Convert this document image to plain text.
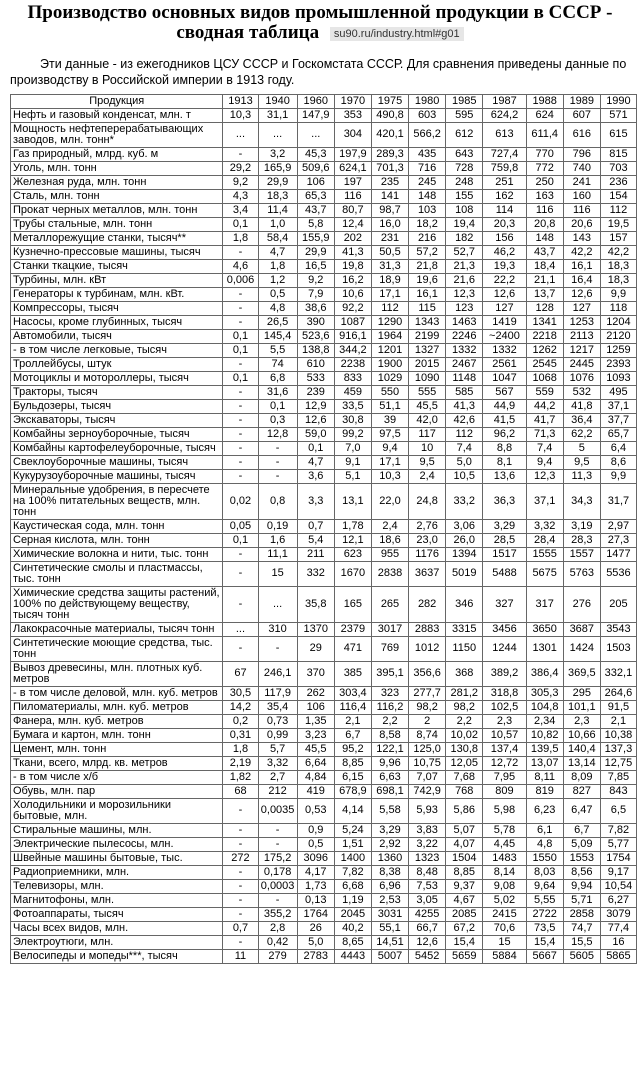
Производство основных видов промышленной продукции в СССР - сводная таблица su90.ru/industry.html#g01
Эти данные - из ежегодников ЦСУ СССР и Госкомстата СССР. Для сравнения приведены данные по производству в Российской империи в 1913 году.
Продукция	1913	1940	1960	1970	1975	1980	1985	1987	1988	1989	1990
Нефть и газовый конденсат, млн. т	10,3	31,1	147,9	353	490,8	603	595	624,2	624	607	571
Мощность нефтеперерабатывающих заводов, млн. тонн*	...	...	...	304	420,1	566,2	612	613	611,4	616	615
Газ природный, млрд. куб. м	-	3,2	45,3	197,9	289,3	435	643	727,4	770	796	815
Уголь, млн. тонн	29,2	165,9	509,6	624,1	701,3	716	728	759,8	772	740	703
Железная руда, млн. тонн	9,2	29,9	106	197	235	245	248	251	250	241	236
Сталь, млн. тонн	4,3	18,3	65,3	116	141	148	155	162	163	160	154
Прокат черных металлов, млн. тонн	3,4	11,4	43,7	80,7	98,7	103	108	114	116	116	112
Трубы стальные, млн. тонн	0,1	1,0	5,8	12,4	16,0	18,2	19,4	20,3	20,8	20,6	19,5
Металлорежущие станки, тысяч**	1,8	58,4	155,9	202	231	216	182	156	148	143	157
Кузнечно-прессовые машины, тысяч	-	4,7	29,9	41,3	50,5	57,2	52,7	46,2	43,7	42,2	42,2
Станки ткацкие, тысяч	4,6	1,8	16,5	19,8	31,3	21,8	21,3	19,3	18,4	16,1	18,3
Турбины, млн. кВт	0,006	1,2	9,2	16,2	18,9	19,6	21,6	22,2	21,1	16,4	18,3
Генераторы к турбинам, млн. кВт.	-	0,5	7,9	10,6	17,1	16,1	12,3	12,6	13,7	12,6	9,9
Компрессоры, тысяч	-	4,8	38,6	92,2	112	115	123	127	128	127	118
Насосы, кроме глубинных, тысяч	-	26,5	390	1087	1290	1343	1463	1419	1341	1253	1204
Автомобили, тысяч	0,1	145,4	523,6	916,1	1964	2199	2246	~2400	2218	2113	2120
- в том числе легковые, тысяч	0,1	5,5	138,8	344,2	1201	1327	1332	1332	1262	1217	1259
Троллейбусы, штук	-	74	610	2238	1900	2015	2467	2561	2545	2445	2393
Мотоциклы и мотороллеры, тысяч	0,1	6,8	533	833	1029	1090	1148	1047	1068	1076	1093
Тракторы, тысяч	-	31,6	239	459	550	555	585	567	559	532	495
Бульдозеры, тысяч	-	0,1	12,9	33,5	51,1	45,5	41,3	44,9	44,2	41,8	37,1
Экскаваторы, тысяч	-	0,3	12,6	30,8	39	42,0	42,6	41,5	41,7	36,4	37,7
Комбайны зерноуборочные, тысяч	-	12,8	59,0	99,2	97,5	117	112	96,2	71,3	62,2	65,7
Комбайны картофелеуборочные, тысяч	-	-	0,1	7,0	9,4	10	7,4	8,8	7,4	5	6,4
Свеклоуборочные машины, тысяч	-	-	4,7	9,1	17,1	9,5	5,0	8,1	9,4	9,5	8,6
Кукурузоуборочные машины, тысяч	-	-	3,6	5,1	10,3	2,4	10,5	13,6	12,3	11,3	9,9
Минеральные удобрения, в пересчете на 100% питательных веществ, млн. тонн	0,02	0,8	3,3	13,1	22,0	24,8	33,2	36,3	37,1	34,3	31,7
Каустическая сода, млн. тонн	0,05	0,19	0,7	1,78	2,4	2,76	3,06	3,29	3,32	3,19	2,97
Серная кислота, млн. тонн	0,1	1,6	5,4	12,1	18,6	23,0	26,0	28,5	28,4	28,3	27,3
Химические волокна и нити, тыс. тонн	-	11,1	211	623	955	1176	1394	1517	1555	1557	1477
Синтетические смолы и пластмассы, тыс. тонн	-	15	332	1670	2838	3637	5019	5488	5675	5763	5536
Химические средства защиты растений, 100% по действующему веществу, тысяч тонн	-	...	35,8	165	265	282	346	327	317	276	205
Лакокрасочные материалы, тысяч тонн	...	310	1370	2379	3017	2883	3315	3456	3650	3687	3543
Синтетические моющие средства, тыс. тонн	-	-	29	471	769	1012	1150	1244	1301	1424	1503
Вывоз древесины, млн. плотных куб. метров	67	246,1	370	385	395,1	356,6	368	389,2	386,4	369,5	332,1
- в том числе деловой, млн. куб. метров	30,5	117,9	262	303,4	323	277,7	281,2	318,8	305,3	295	264,6
Пиломатериалы, млн. куб. метров	14,2	35,4	106	116,4	116,2	98,2	98,2	102,5	104,8	101,1	91,5
Фанера, млн. куб. метров	0,2	0,73	1,35	2,1	2,2	2	2,2	2,3	2,34	2,3	2,1
Бумага и картон, млн. тонн	0,31	0,99	3,23	6,7	8,58	8,74	10,02	10,57	10,82	10,66	10,38
Цемент, млн. тонн	1,8	5,7	45,5	95,2	122,1	125,0	130,8	137,4	139,5	140,4	137,3
Ткани, всего, млрд. кв. метров	2,19	3,32	6,64	8,85	9,96	10,75	12,05	12,72	13,07	13,14	12,75
- в том числе х/б	1,82	2,7	4,84	6,15	6,63	7,07	7,68	7,95	8,11	8,09	7,85
Обувь, млн. пар	68	212	419	678,9	698,1	742,9	768	809	819	827	843
Холодильники и морозильники бытовые, млн.	-	0,0035	0,53	4,14	5,58	5,93	5,86	5,98	6,23	6,47	6,5
Стиральные машины, млн.	-	-	0,9	5,24	3,29	3,83	5,07	5,78	6,1	6,7	7,82
Электрические пылесосы, млн.	-	-	0,5	1,51	2,92	3,22	4,07	4,45	4,8	5,09	5,77
Швейные машины бытовые, тыс.	272	175,2	3096	1400	1360	1323	1504	1483	1550	1553	1754
Радиоприемники, млн.	-	0,178	4,17	7,82	8,38	8,48	8,85	8,14	8,03	8,56	9,17
Телевизоры, млн.	-	0,0003	1,73	6,68	6,96	7,53	9,37	9,08	9,64	9,94	10,54
Магнитофоны, млн.	-	-	0,13	1,19	2,53	3,05	4,67	5,02	5,55	5,71	6,27
Фотоаппараты, тысяч	-	355,2	1764	2045	3031	4255	2085	2415	2722	2858	3079
Часы всех видов, млн.	0,7	2,8	26	40,2	55,1	66,7	67,2	70,6	73,5	74,7	77,4
Электроутюги, млн.	-	0,42	5,0	8,65	14,51	12,6	15,4	15	15,4	15,5	16
Велосипеды и мопеды***, тысяч	11	279	2783	4443	5007	5452	5659	5884	5667	5605	5865
